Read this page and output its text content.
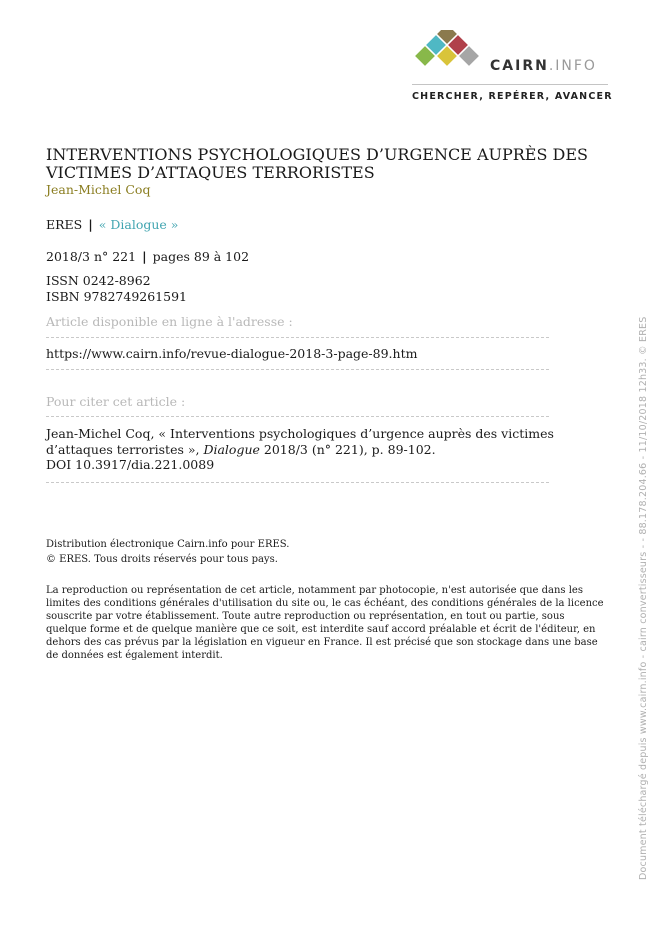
CAIRN.INFO
CHERCHER, REPÉRER, AVANCER
INTERVENTIONS PSYCHOLOGIQUES D’URGENCE AUPRÈS DES VICTIMES D’ATTAQUES TERRORISTES
Jean-Michel Coq
ERES | « Dialogue »
2018/3 n° 221 | pages 89 à 102
ISSN 0242-8962
ISBN 9782749261591
Article disponible en ligne à l'adresse :
https://www.cairn.info/revue-dialogue-2018-3-page-89.htm
Pour citer cet article :
Jean-Michel Coq, « Interventions psychologiques d’urgence auprès des victimes
d’attaques terroristes », Dialogue 2018/3 (n° 221), p. 89-102.
DOI 10.3917/dia.221.0089
Distribution électronique Cairn.info pour ERES.
© ERES. Tous droits réservés pour tous pays.
La reproduction ou représentation de cet article, notamment par photocopie, n'est autorisée que dans les limites des conditions générales d'utilisation du site ou, le cas échéant, des conditions générales de la licence souscrite par votre établissement. Toute autre reproduction ou représentation, en tout ou partie, sous quelque forme et de quelque manière que ce soit, est interdite sauf accord préalable et écrit de l'éditeur, en dehors des cas prévus par la législation en vigueur en France. Il est précisé que son stockage dans une base de données est également interdit.	Document téléchargé depuis www.cairn.info - cairn convertisseurs - - 88.178.204.66 - 11/10/2018 12h33. © ERES
